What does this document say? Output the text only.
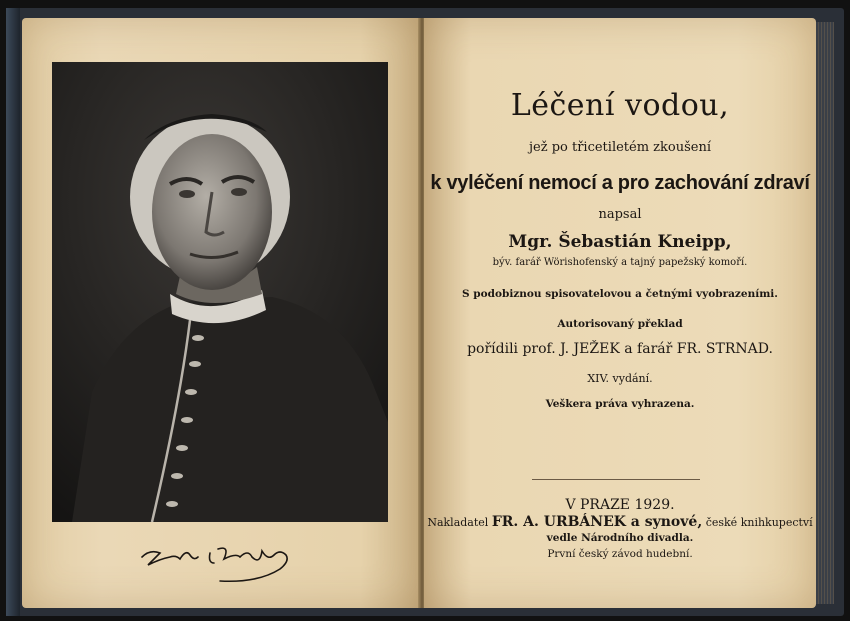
Léčení vodou,
jež po třicetiletém zkoušení
k vyléčení nemocí a pro zachování zdraví
napsal
Mgr. Šebastián Kneipp,
býv. farář Wörishofenský a tajný papežský komoří.
S podobiznou spisovatelovou a četnými vyobrazeními.
Autorisovaný překlad
pořídili prof. J. JEŽEK a farář FR. STRNAD.
XIV. vydání.
Veškera práva vyhrazena.
V PRAZE 1929.
Nakladatel FR. A. URBÁNEK a synové, české knihkupectví
vedle Národního divadla.
První český závod hudební.
